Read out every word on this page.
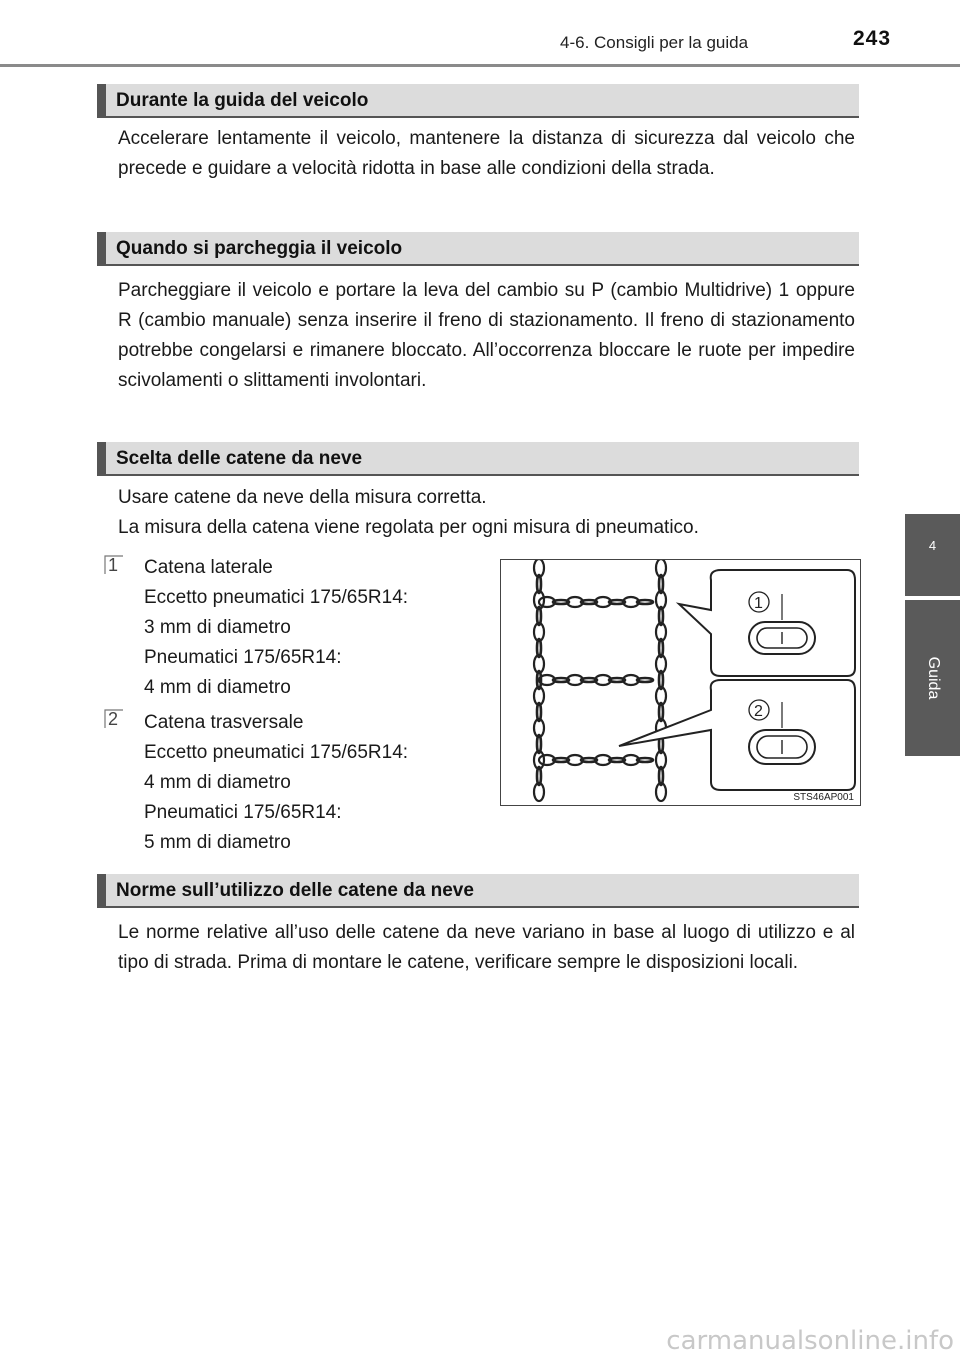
4-6. Consigli per la guida	243
4
Guida
Durante la guida del veicolo

Accelerare lentamente il veicolo, mantenere la distanza di sicurezza dal veicolo che precede e guidare a velocità ridotta in base alle condizioni della strada.

Quando si parcheggia il veicolo

Parcheggiare il veicolo e portare la leva del cambio su P (cambio Multidrive) 1 oppure R (cambio manuale) senza inserire il freno di stazionamento. Il freno di stazionamento potrebbe congelarsi e rimanere bloccato. All’occorrenza bloccare le ruote per impedire scivolamenti o slittamenti involontari.

Scelta delle catene da neve
Usare catene da neve della misura corretta.
La misura della catena viene regolata per ogni misura di pneumatico.
1 Catena laterale
Eccetto pneumatici 175/65R14:
3 mm di diametro
Pneumatici 175/65R14:
4 mm di diametro
2 Catena trasversale
Eccetto pneumatici 175/65R14:
4 mm di diametro
Pneumatici 175/65R14:
5 mm di diametro
1
2
STS46AP001
Norme sull’utilizzo delle catene da neve

Le norme relative all’uso delle catene da neve variano in base al luogo di utilizzo e al tipo di strada. Prima di montare le catene, verificare sempre le disposizioni locali.

carmanualsonline.info
